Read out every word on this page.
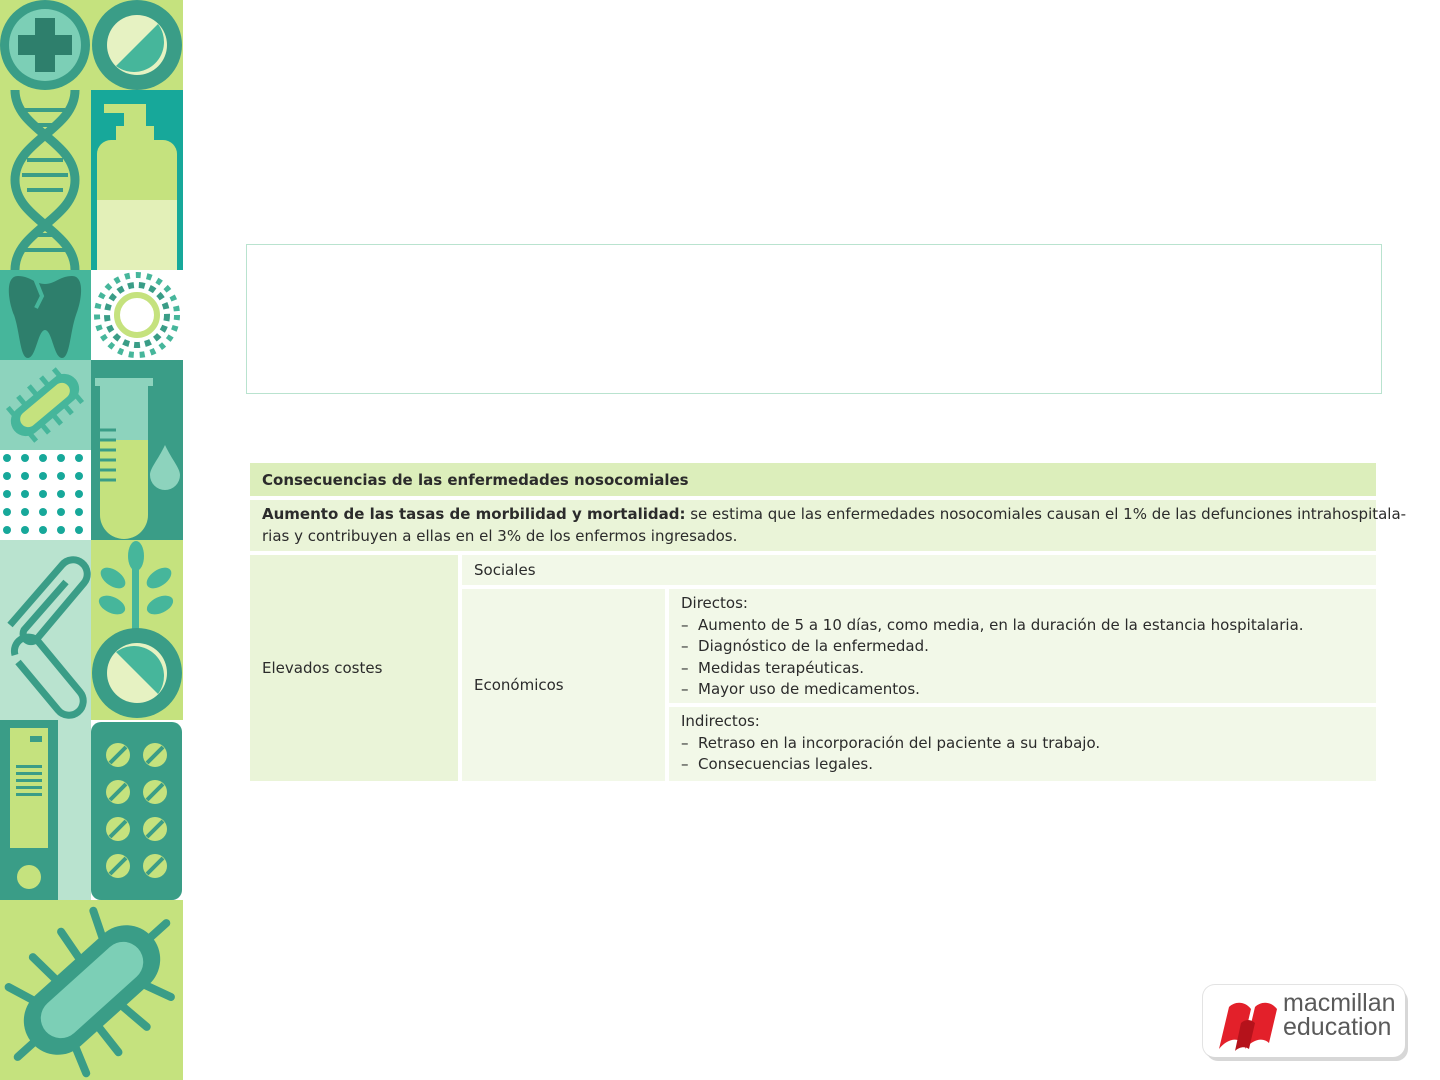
Consecuencias de las enfermedades nosocomiales
Aumento de las tasas de morbilidad y mortalidad: se estima que las enfermedades nosocomiales causan el 1% de las defunciones intrahospitala-
rias y contribuyen a ellas en el 3% de los enfermos ingresados.
Elevados costes
Sociales
Económicos
Directos:
–  Aumento de 5 a 10 días, como media, en la duración de la estancia hospitalaria.
–  Diagnóstico de la enfermedad.
–  Medidas terapéuticas.
–  Mayor uso de medicamentos.
Indirectos:
–  Retraso en la incorporación del paciente a su trabajo.
–  Consecuencias legales.
macmillan
education
